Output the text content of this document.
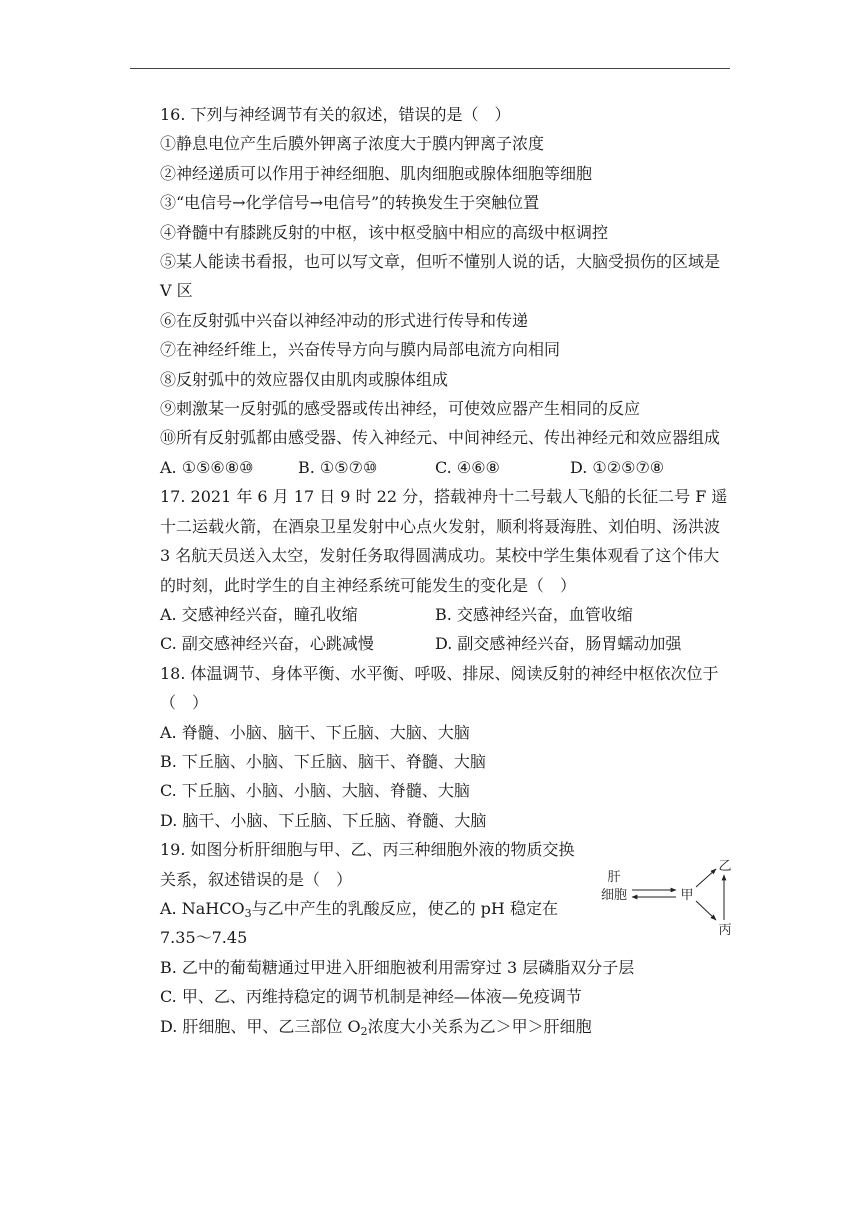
16. 下列与神经调节有关的叙述，错误的是（　）
①静息电位产生后膜外钾离子浓度大于膜内钾离子浓度
②神经递质可以作用于神经细胞、肌肉细胞或腺体细胞等细胞
③“电信号→化学信号→电信号”的转换发生于突触位置
④脊髓中有膝跳反射的中枢，该中枢受脑中相应的高级中枢调控
⑤某人能读书看报，也可以写文章，但听不懂别人说的话，大脑受损伤的区域是 V 区
⑥在反射弧中兴奋以神经冲动的形式进行传导和传递
⑦在神经纤维上，兴奋传导方向与膜内局部电流方向相同
⑧反射弧中的效应器仅由肌肉或腺体组成
⑨刺激某一反射弧的感受器或传出神经，可使效应器产生相同的反应
⑩所有反射弧都由感受器、传入神经元、中间神经元、传出神经元和效应器组成
A. ①⑤⑥⑧⑩	B. ①⑤⑦⑩	C. ④⑥⑧	D. ①②⑤⑦⑧
17. 2021 年 6 月 17 日 9 时 22 分，搭载神舟十二号载人飞船的长征二号 F 遥十二运载火箭，在酒泉卫星发射中心点火发射，顺利将聂海胜、刘伯明、汤洪波 3 名航天员送入太空，发射任务取得圆满成功。某校中学生集体观看了这个伟大的时刻，此时学生的自主神经系统可能发生的变化是（　）
A. 交感神经兴奋，瞳孔收缩	B. 交感神经兴奋，血管收缩
C. 副交感神经兴奋，心跳减慢	D. 副交感神经兴奋，肠胃蠕动加强
18. 体温调节、身体平衡、水平衡、呼吸、排尿、阅读反射的神经中枢依次位于（　）
A. 脊髓、小脑、脑干、下丘脑、大脑、大脑
B. 下丘脑、小脑、下丘脑、脑干、脊髓、大脑
C. 下丘脑、小脑、小脑、大脑、脊髓、大脑
D. 脑干、小脑、下丘脑、下丘脑、脊髓、大脑
19. 如图分析肝细胞与甲、乙、丙三种细胞外液的物质交换关系，叙述错误的是（　）
A. NaHCO$_3$与乙中产生的乳酸反应，使乙的 pH 稳定在 7.35～7.45
B. 乙中的葡萄糖通过甲进入肝细胞被利用需穿过 3 层磷脂双分子层
C. 甲、乙、丙维持稳定的调节机制是神经—体液—免疫调节
D. 肝细胞、甲、乙三部位 $O_2$浓度大小关系为乙＞甲＞肝细胞
肝
细胞	甲
乙
丙
